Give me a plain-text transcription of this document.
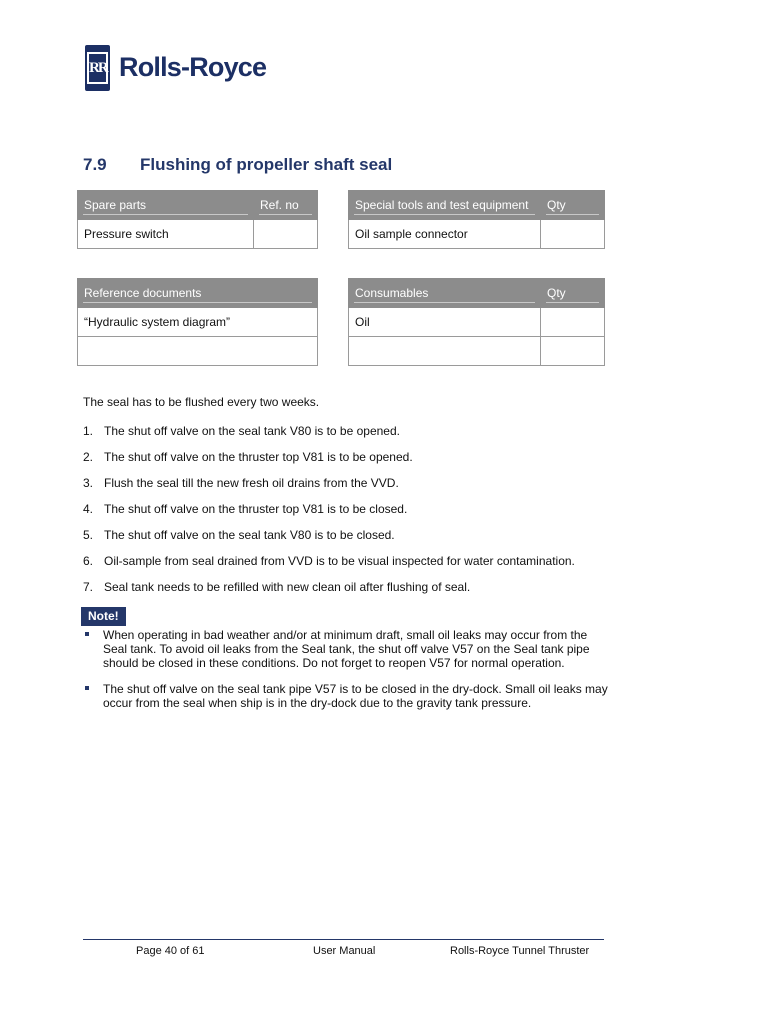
RR Rolls-Royce
7.9 Flushing of propeller shaft seal
Spare parts	Ref. no

Pressure switch	
Special tools and test equipment	Qty

Oil sample connector	
Reference documents

“Hydraulic system diagram”

Consumables	Qty

Oil	

The seal has to be flushed every two weeks.
1. The shut off valve on the seal tank V80 is to be opened.
2. The shut off valve on the thruster top V81 is to be opened.
3. Flush the seal till the new fresh oil drains from the VVD.
4. The shut off valve on the thruster top V81 is to be closed.
5. The shut off valve on the seal tank V80 is to be closed.
6. Oil-sample from seal drained from VVD is to be visual inspected for water contamination.
7. Seal tank needs to be refilled with new clean oil after flushing of seal.
Note!
When operating in bad weather and/or at minimum draft, small oil leaks may occur from the Seal tank. To avoid oil leaks from the Seal tank, the shut off valve V57 on the Seal tank pipe should be closed in these conditions. Do not forget to reopen V57 for normal operation.
The shut off valve on the seal tank pipe V57 is to be closed in the dry-dock. Small oil leaks may occur from the seal when ship is in the dry-dock due to the gravity tank pressure.
Page 40 of 61	User Manual	Rolls-Royce Tunnel Thruster
